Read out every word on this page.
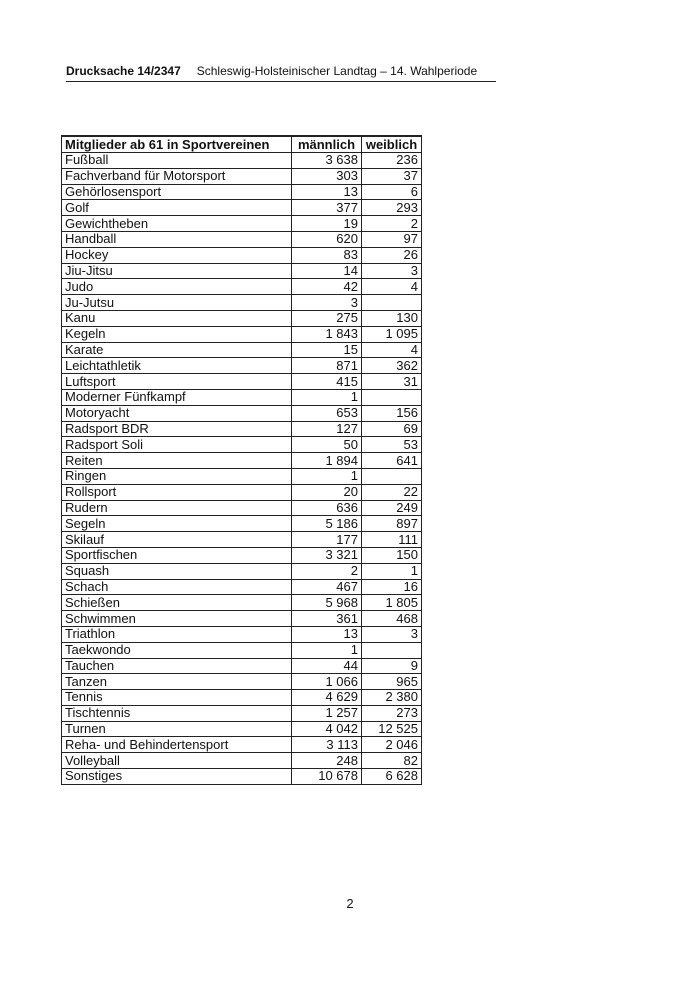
Drucksache 14/2347 Schleswig-Holsteinischer Landtag – 14. Wahlperiode
Mitglieder ab 61 in Sportvereinen	männlich	weiblich
Fußball	3 638	236
Fachverband für Motorsport	303	37
Gehörlosensport	13	6
Golf	377	293
Gewichtheben	19	2
Handball	620	97
Hockey	83	26
Jiu-Jitsu	14	3
Judo	42	4
Ju-Jutsu	3	
Kanu	275	130
Kegeln	1 843	1 095
Karate	15	4
Leichtathletik	871	362
Luftsport	415	31
Moderner Fünfkampf	1	
Motoryacht	653	156
Radsport BDR	127	69
Radsport Soli	50	53
Reiten	1 894	641
Ringen	1	
Rollsport	20	22
Rudern	636	249
Segeln	5 186	897
Skilauf	177	111
Sportfischen	3 321	150
Squash	2	1
Schach	467	16
Schießen	5 968	1 805
Schwimmen	361	468
Triathlon	13	3
Taekwondo	1	
Tauchen	44	9
Tanzen	1 066	965
Tennis	4 629	2 380
Tischtennis	1 257	273
Turnen	4 042	12 525
Reha- und Behindertensport	3 113	2 046
Volleyball	248	82
Sonstiges	10 678	6 628
2
